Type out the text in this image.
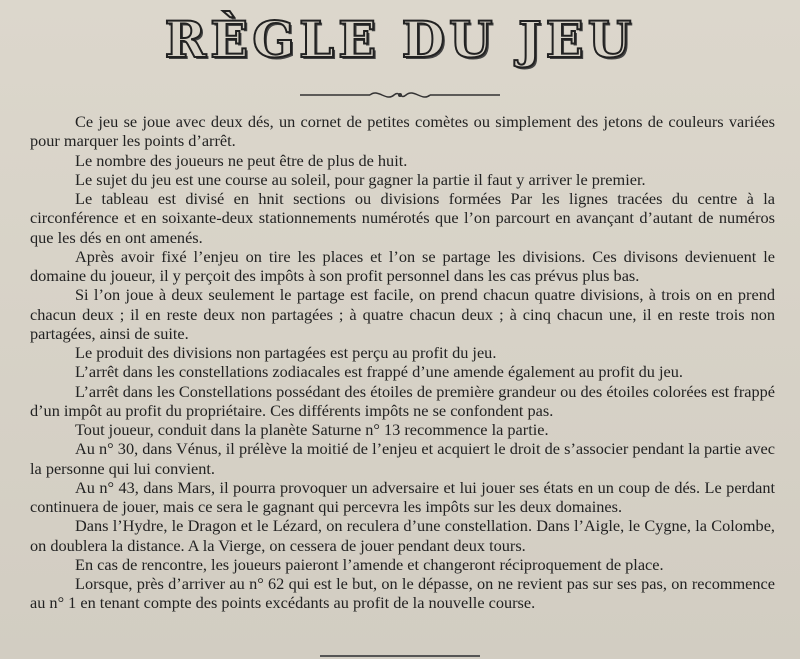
RÈGLE DU JEU

Ce jeu se joue avec deux dés, un cornet de petites comètes ou simplement des jetons de couleurs variées pour marquer les points d’arrêt.

Le nombre des joueurs ne peut être de plus de huit.

Le sujet du jeu est une course au soleil, pour gagner la partie il faut y arriver le premier.

Le tableau est divisé en hnit sections ou divisions formées Par les lignes tracées du centre à la circonférence et en soixante-deux stationnements numérotés que l’on parcourt en avançant d’autant de numéros que les dés en ont amenés.

Après avoir fixé l’enjeu on tire les places et l’on se partage les divisions. Ces divisons devienuent le domaine du joueur, il y perçoit des impôts à son profit personnel dans les cas prévus plus bas.

Si l’on joue à deux seulement le partage est facile, on prend chacun quatre divisions, à trois on en prend chacun deux ; il en reste deux non partagées ; à quatre chacun deux ; à cinq chacun une, il en reste trois non partagées, ainsi de suite.

Le produit des divisions non partagées est perçu au profit du jeu.

L’arrêt dans les constellations zodiacales est frappé d’une amende également au profit du jeu.

L’arrêt dans les Constellations possédant des étoiles de première grandeur ou des étoiles colorées est frappé d’un impôt au profit du propriétaire. Ces différents impôts ne se confondent pas.

Tout joueur, conduit dans la planète Saturne n° 13 recommence la partie.

Au n° 30, dans Vénus, il prélève la moitié de l’enjeu et acquiert le droit de s’associer pendant la partie avec la personne qui lui convient.

Au n° 43, dans Mars, il pourra provoquer un adversaire et lui jouer ses états en un coup de dés. Le perdant continuera de jouer, mais ce sera le gagnant qui percevra les impôts sur les deux domaines.

Dans l’Hydre, le Dragon et le Lézard, on reculera d’une constellation. Dans l’Aigle, le Cygne, la Colombe, on doublera la distance. A la Vierge, on cessera de jouer pendant deux tours.

En cas de rencontre, les joueurs paieront l’amende et changeront réciproquement de place.

Lorsque, près d’arriver au n° 62 qui est le but, on le dépasse, on ne revient pas sur ses pas, on recommence au n° 1 en tenant compte des points excédants au profit de la nouvelle course.
